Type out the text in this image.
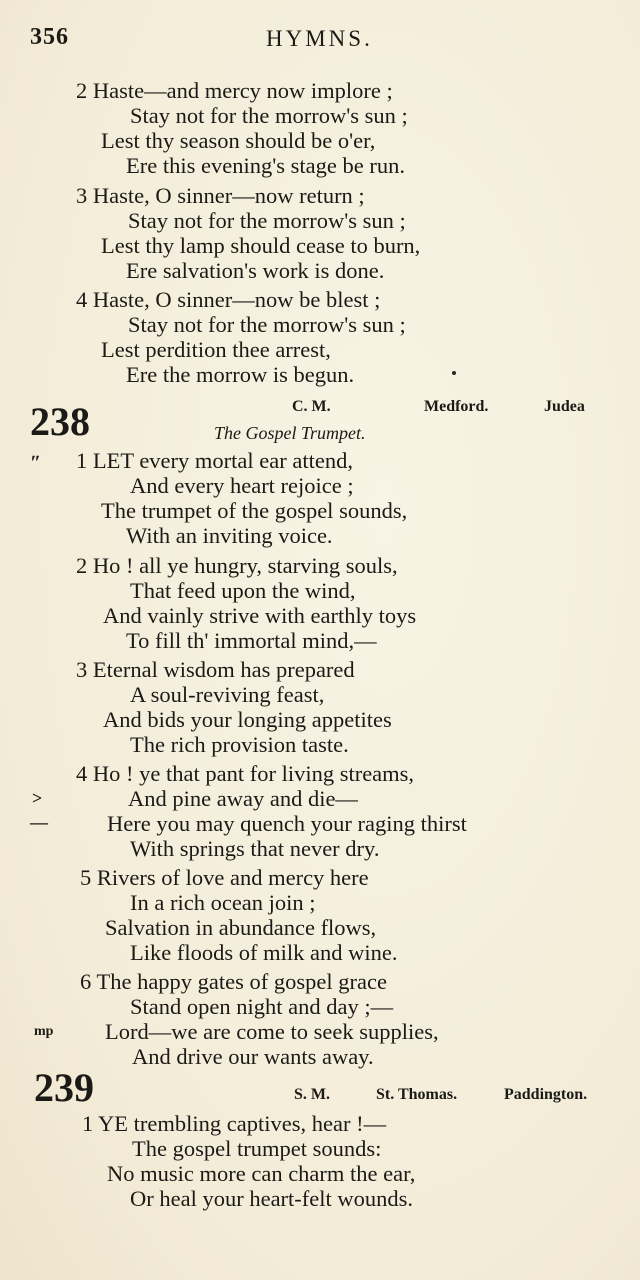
356	HYMNS.
2 Haste—and mercy now implore ;
Stay not for the morrow's sun ;
Lest thy season should be o'er,
Ere this evening's stage be run.
3 Haste, O sinner—now return ;
Stay not for the morrow's sun ;
Lest thy lamp should cease to burn,
Ere salvation's work is done.
4 Haste, O sinner—now be blest ;
Stay not for the morrow's sun ;
Lest perdition thee arrest,
Ere the morrow is begun.
238	C. M.	Medford.	Judea
The Gospel Trumpet.
ʺ 1 LET every mortal ear attend,
And every heart rejoice ;
The trumpet of the gospel sounds,
With an inviting voice.
2 Ho ! all ye hungry, starving souls,
That feed upon the wind,
And vainly strive with earthly toys
To fill th' immortal mind,—
3 Eternal wisdom has prepared
A soul-reviving feast,
And bids your longing appetites
The rich provision taste.
>
—
4 Ho ! ye that pant for living streams,
And pine away and die—
Here you may quench your raging thirst
With springs that never dry.
5 Rivers of love and mercy here
In a rich ocean join ;
Salvation in abundance flows,
Like floods of milk and wine.
mp
6 The happy gates of gospel grace
Stand open night and day ;—
Lord—we are come to seek supplies,
And drive our wants away.
239	S. M.	St. Thomas.	Paddington.
1 YE trembling captives, hear !—
The gospel trumpet sounds:
No music more can charm the ear,
Or heal your heart-felt wounds.
